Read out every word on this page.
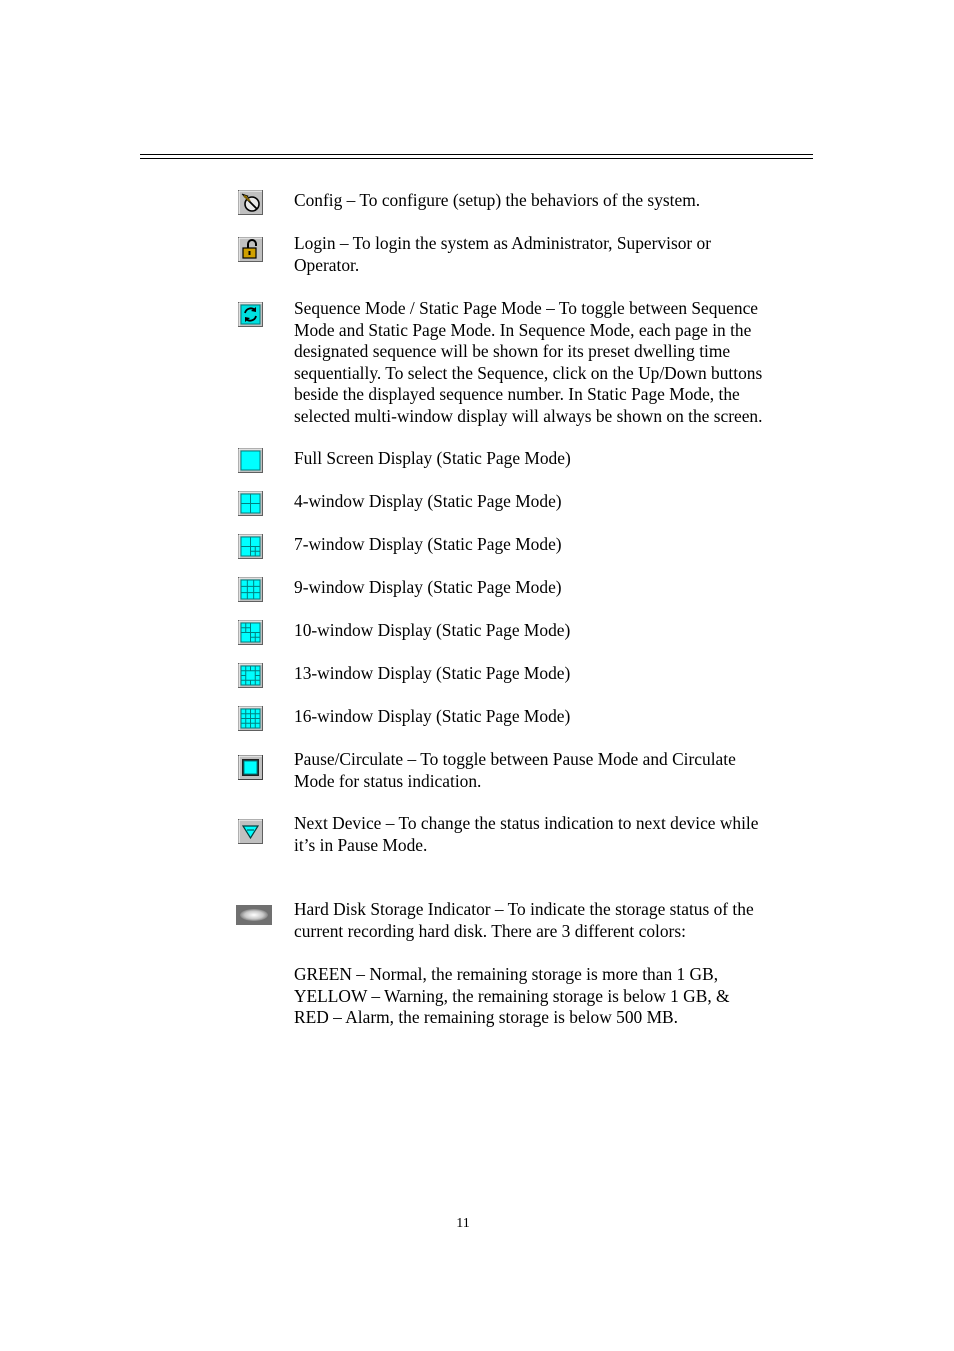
Config – To configure (setup) the behaviors of the system.
Login – To login the system as Administrator, Supervisor or
Operator.
Sequence Mode / Static Page Mode – To toggle between Sequence
Mode and Static Page Mode. In Sequence Mode, each page in the
designated sequence will be shown for its preset dwelling time
sequentially. To select the Sequence, click on the Up/Down buttons
beside the displayed sequence number. In Static Page Mode, the
selected multi-window display will always be shown on the screen.
Full Screen Display (Static Page Mode)
4-window Display (Static Page Mode)
7-window Display (Static Page Mode)
9-window Display (Static Page Mode)
10-window Display (Static Page Mode)
13-window Display (Static Page Mode)
16-window Display (Static Page Mode)
Pause/Circulate – To toggle between Pause Mode and Circulate
Mode for status indication.
Next Device – To change the status indication to next device while
it’s in Pause Mode.
Hard Disk Storage Indicator – To indicate the storage status of the
current recording hard disk. There are 3 different colors:
GREEN – Normal, the remaining storage is more than 1 GB,
YELLOW – Warning, the remaining storage is below 1 GB, &
RED – Alarm, the remaining storage is below 500 MB.
11
